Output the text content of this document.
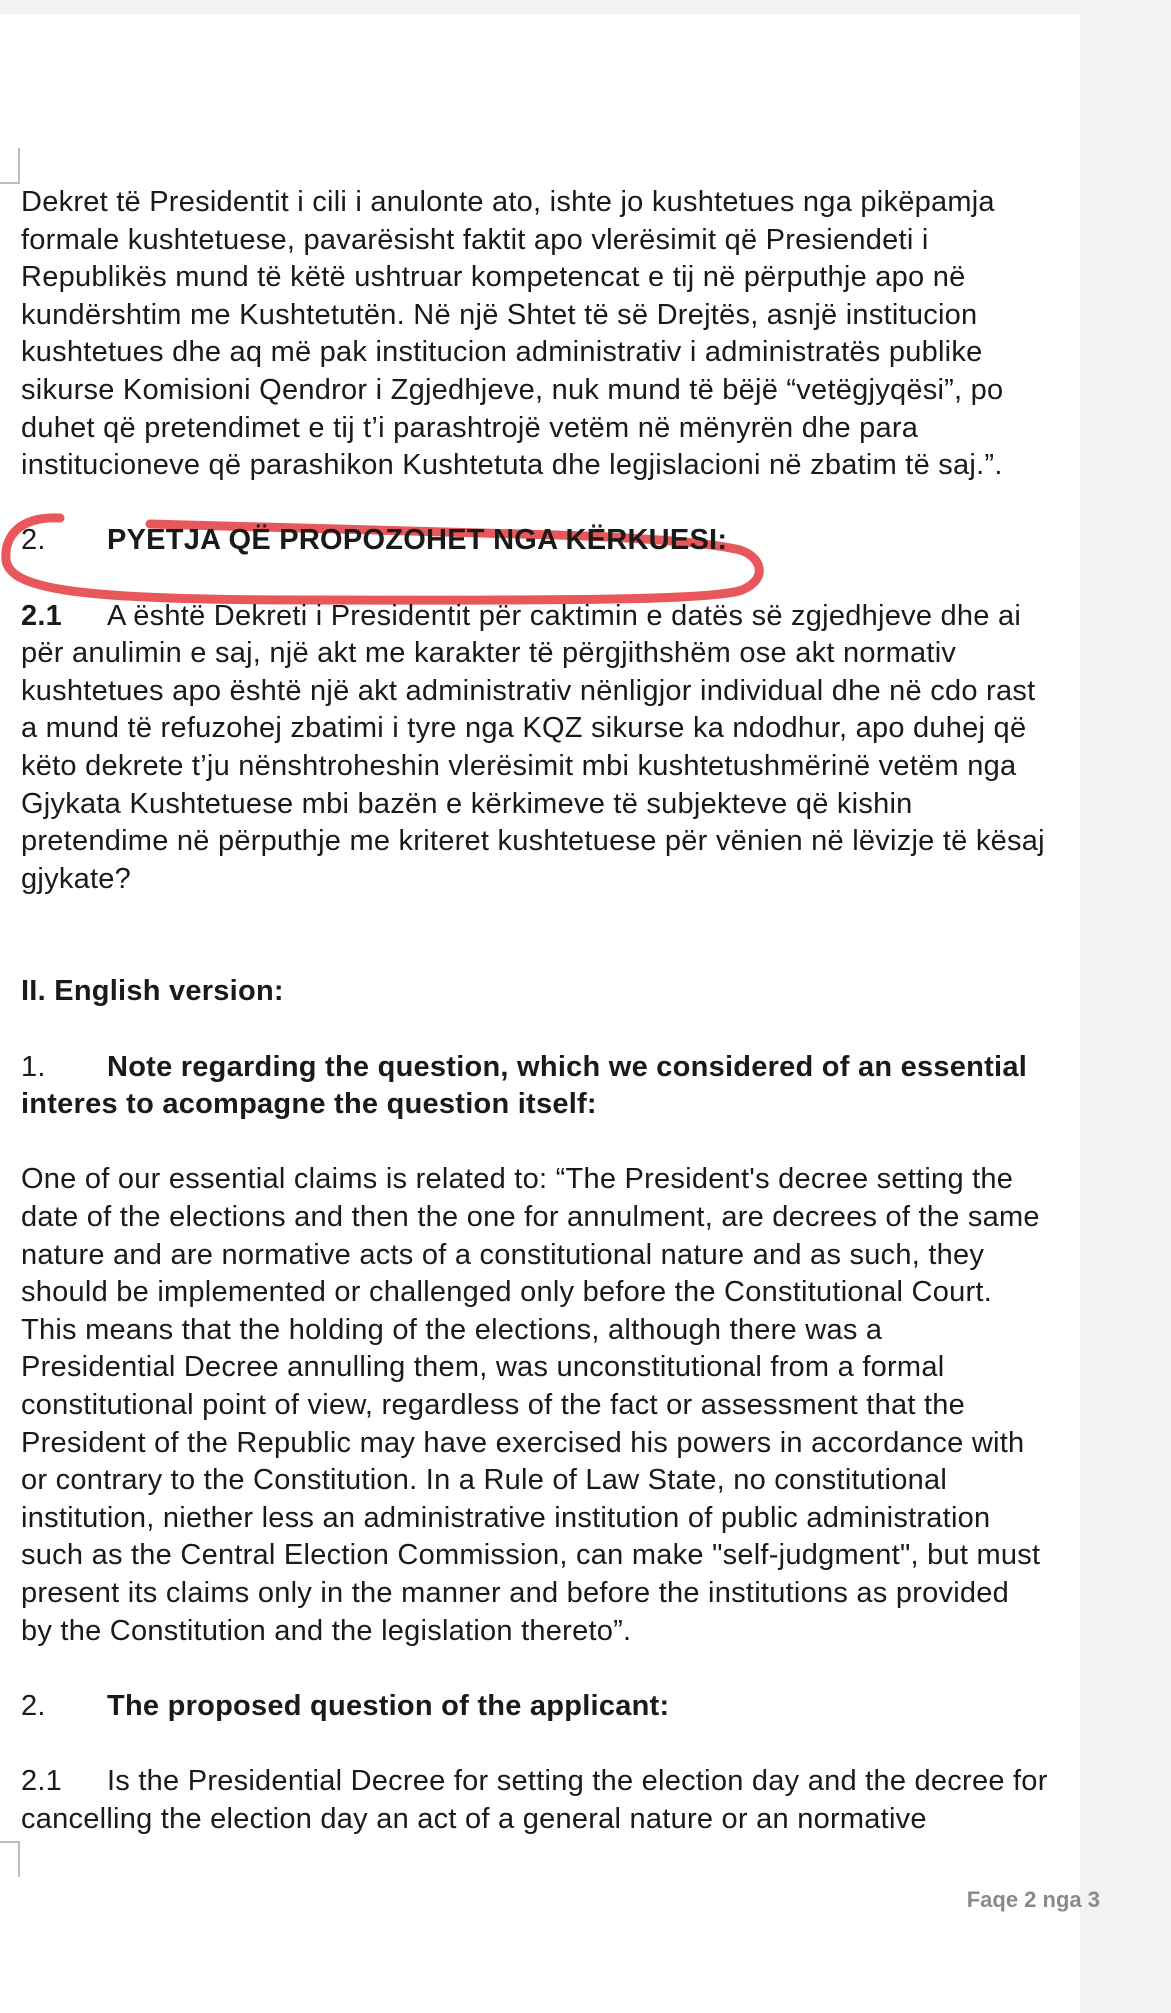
Dekret të Presidentit i cili i anulonte ato, ishte jo kushtetues nga pikëpamja

formale kushtetuese, pavarësisht faktit apo vlerësimit që Presiendeti i

Republikës mund të këtë ushtruar kompetencat e tij në përputhje apo në

kundërshtim me Kushtetutën. Në një Shtet të së Drejtës, asnjë institucion

kushtetues dhe aq më pak institucion administrativ i administratës publike

sikurse Komisioni Qendror i Zgjedhjeve, nuk mund të bëjë “vetëgjyqësi”, po

duhet që pretendimet e tij t’i parashtrojë vetëm në mënyrën dhe para

institucioneve që parashikon Kushtetuta dhe legjislacioni në zbatim të saj.”.

2. PYETJA QË PROPOZOHET NGA KËRKUESI:

2.1 A është Dekreti i Presidentit për caktimin e datës së zgjedhjeve dhe ai

për anulimin e saj, një akt me karakter të përgjithshëm ose akt normativ

kushtetues apo është një akt administrativ nënligjor individual dhe në cdo rast

a mund të refuzohej zbatimi i tyre nga KQZ sikurse ka ndodhur, apo duhej që

këto dekrete t’ju nënshtroheshin vlerësimit mbi kushtetushmërinë vetëm nga

Gjykata Kushtetuese mbi bazën e kërkimeve të subjekteve që kishin

pretendime në përputhje me kriteret kushtetuese për vënien në lëvizje të kësaj

gjykate?

II. English version:

1. Note regarding the question, which we considered of an essential

interes to acompagne the question itself:

One of our essential claims is related to: “The President's decree setting the

date of the elections and then the one for annulment, are decrees of the same

nature and are normative acts of a constitutional nature and as such, they

should be implemented or challenged only before the Constitutional Court.

This means that the holding of the elections, although there was a

Presidential Decree annulling them, was unconstitutional from a formal

constitutional point of view, regardless of the fact or assessment that the

President of the Republic may have exercised his powers in accordance with

or contrary to the Constitution. In a Rule of Law State, no constitutional

institution, niether less an administrative institution of public administration

such as the Central Election Commission, can make "self-judgment", but must

present its claims only in the manner and before the institutions as provided

by the Constitution and the legislation thereto”.

2. The proposed question of the applicant:

2.1 Is the Presidential Decree for setting the election day and the decree for

cancelling the election day an act of a general nature or an normative

Faqe 2 nga 3
